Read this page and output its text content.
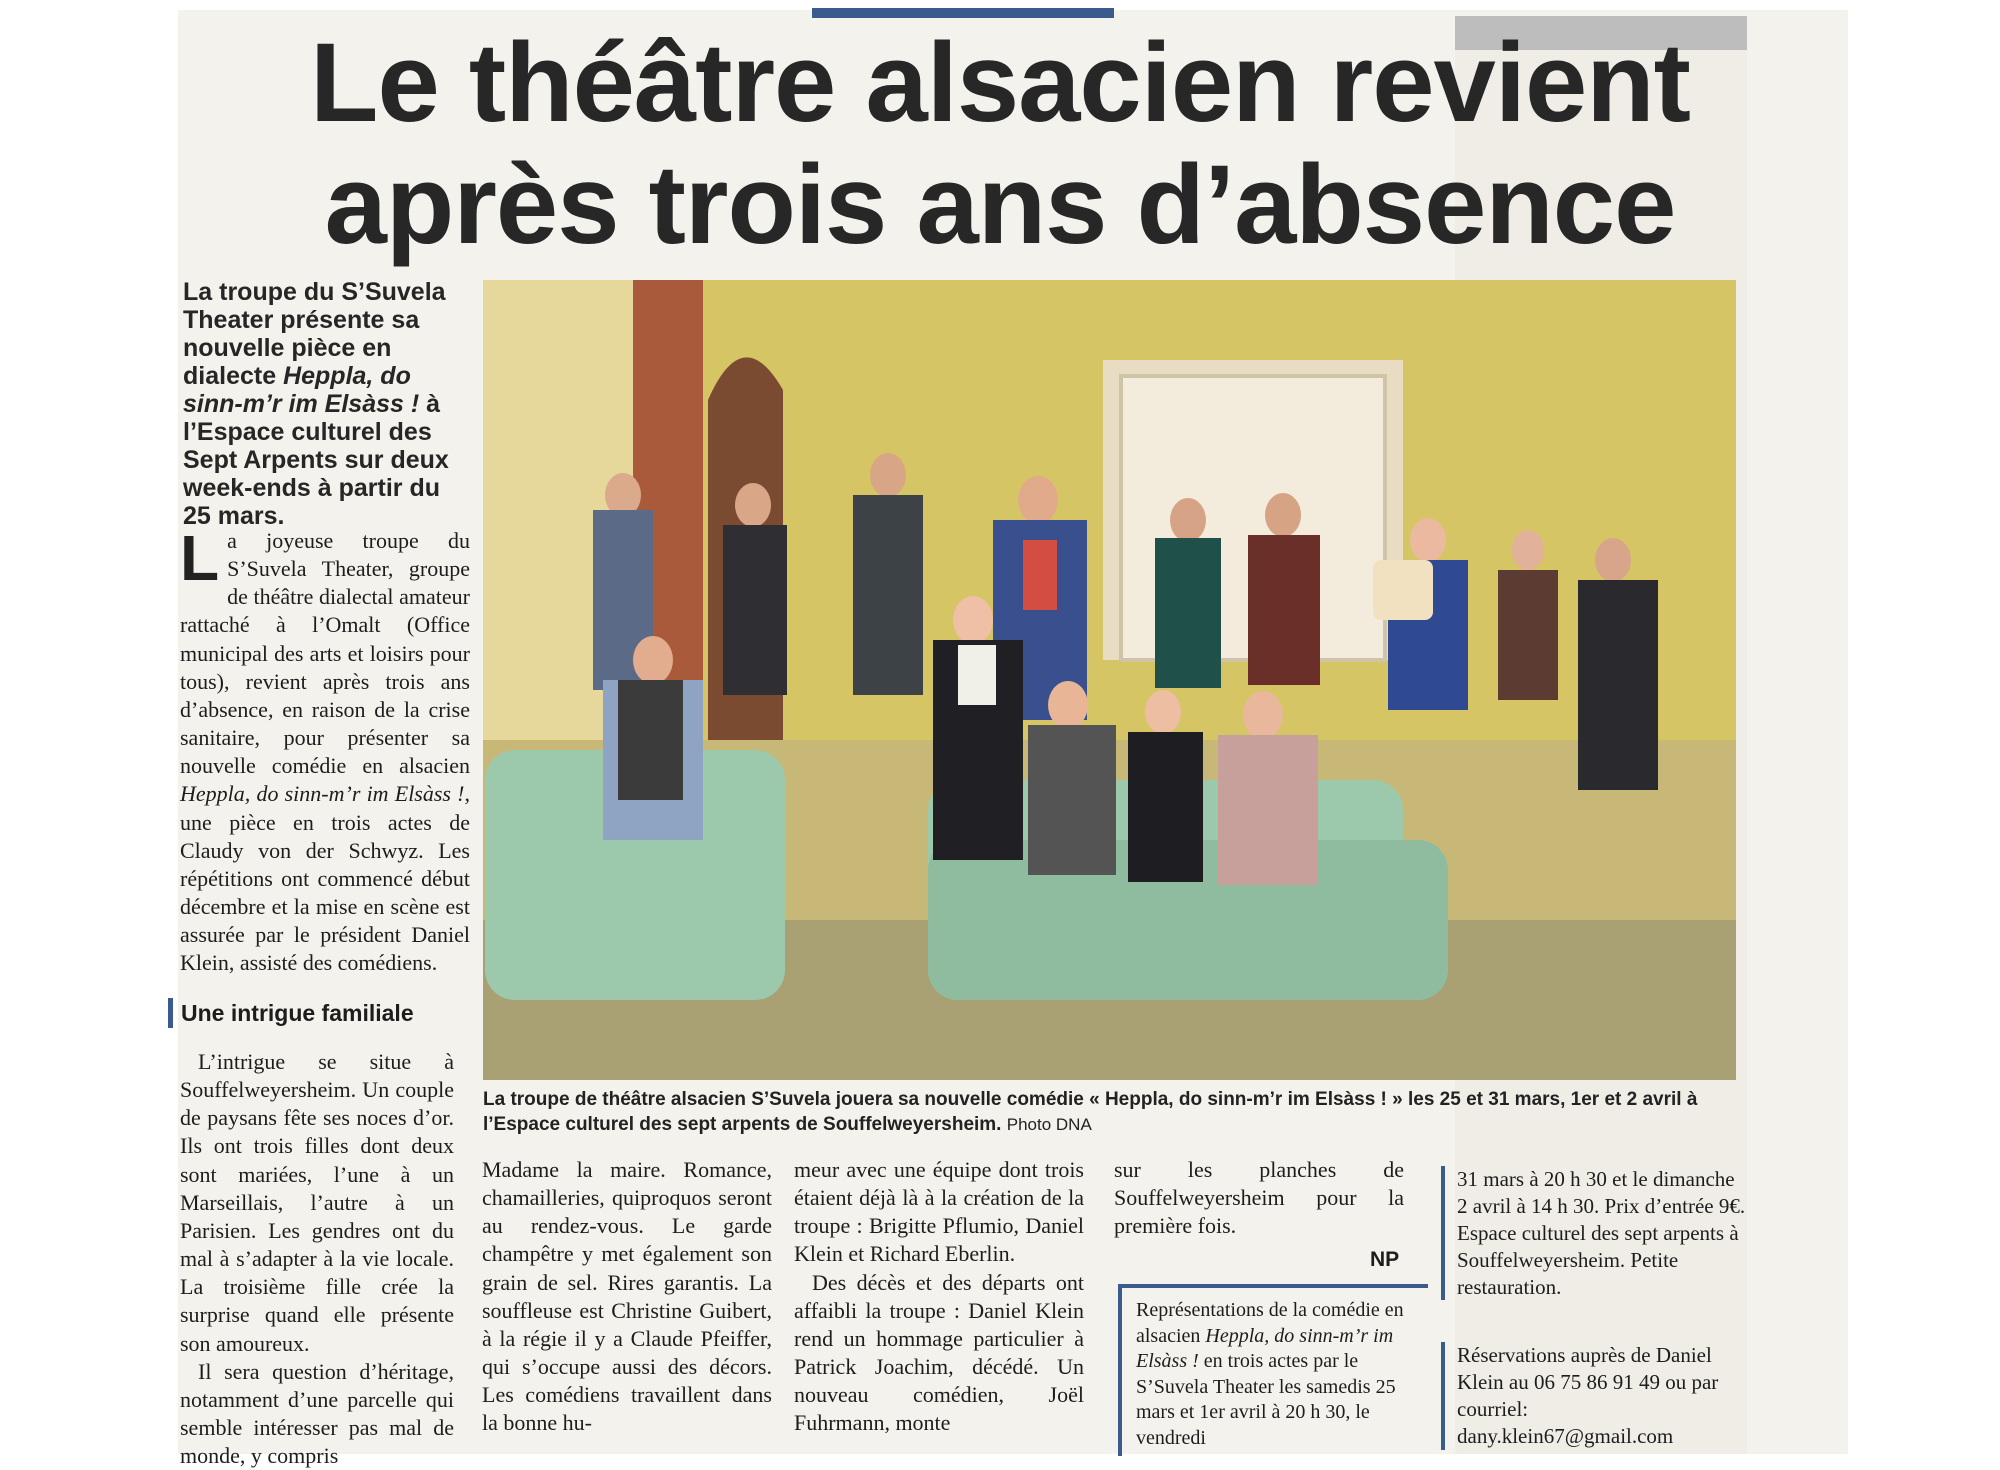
Le théâtre alsacien revient
après trois ans d’absence

La troupe du S’Suvela Theater présente sa nouvelle pièce en dialecte Heppla, do sinn-m’r im Elsàss ! à l’Espace culturel des Sept Arpents sur deux week-ends à partir du 25 mars.

La joyeuse troupe du S’Suvela Theater, groupe de théâtre dialectal amateur rattaché à l’Omalt (Office municipal des arts et loisirs pour tous), revient après trois ans d’absence, en raison de la crise sanitaire, pour présenter sa nouvelle comédie en alsacien Heppla, do sinn-m’r im Elsàss !, une pièce en trois actes de Claudy von der Schwyz. Les répétitions ont commencé début décembre et la mise en scène est assurée par le président Daniel Klein, assisté des comédiens.

Une intrigue familiale

L’intrigue se situe à Souffelweyersheim. Un couple de paysans fête ses noces d’or. Ils ont trois filles dont deux sont mariées, l’une à un Marseillais, l’autre à un Parisien. Les gendres ont du mal à s’adapter à la vie locale. La troisième fille crée la surprise quand elle présente son amoureux.

Il sera question d’héritage, notamment d’une parcelle qui semble intéresser pas mal de monde, y compris

La troupe de théâtre alsacien S’Suvela jouera sa nouvelle comédie « Heppla, do sinn-m’r im Elsàss ! » les 25 et 31 mars, 1er et 2 avril à l’Espace culturel des sept arpents de Souffelweyersheim. Photo DNA

Madame la maire. Romance, chamailleries, quiproquos seront au rendez-vous. Le garde champêtre y met également son grain de sel. Rires garantis. La souffleuse est Christine Guibert, à la régie il y a Claude Pfeiffer, qui s’occupe aussi des décors. Les comédiens travaillent dans la bonne hu-

meur avec une équipe dont trois étaient déjà là à la création de la troupe : Brigitte Pflumio, Daniel Klein et Richard Eberlin.

Des décès et des départs ont affaibli la troupe : Daniel Klein rend un hommage particulier à Patrick Joachim, décédé. Un nouveau comédien, Joël Fuhrmann, monte

sur les planches de Souffelweyersheim pour la première fois.

NP

Représentations de la comédie en alsacien Heppla, do sinn-m’r im Elsàss ! en trois actes par le S’Suvela Theater les samedis 25 mars et 1er avril à 20 h 30, le vendredi

31 mars à 20 h 30 et le dimanche 2 avril à 14 h 30. Prix d’entrée 9€. Espace culturel des sept arpents à Souffelweyersheim. Petite restauration.

Réservations auprès de Daniel Klein au 06 75 86 91 49 ou par courriel: dany.klein67@gmail.com
